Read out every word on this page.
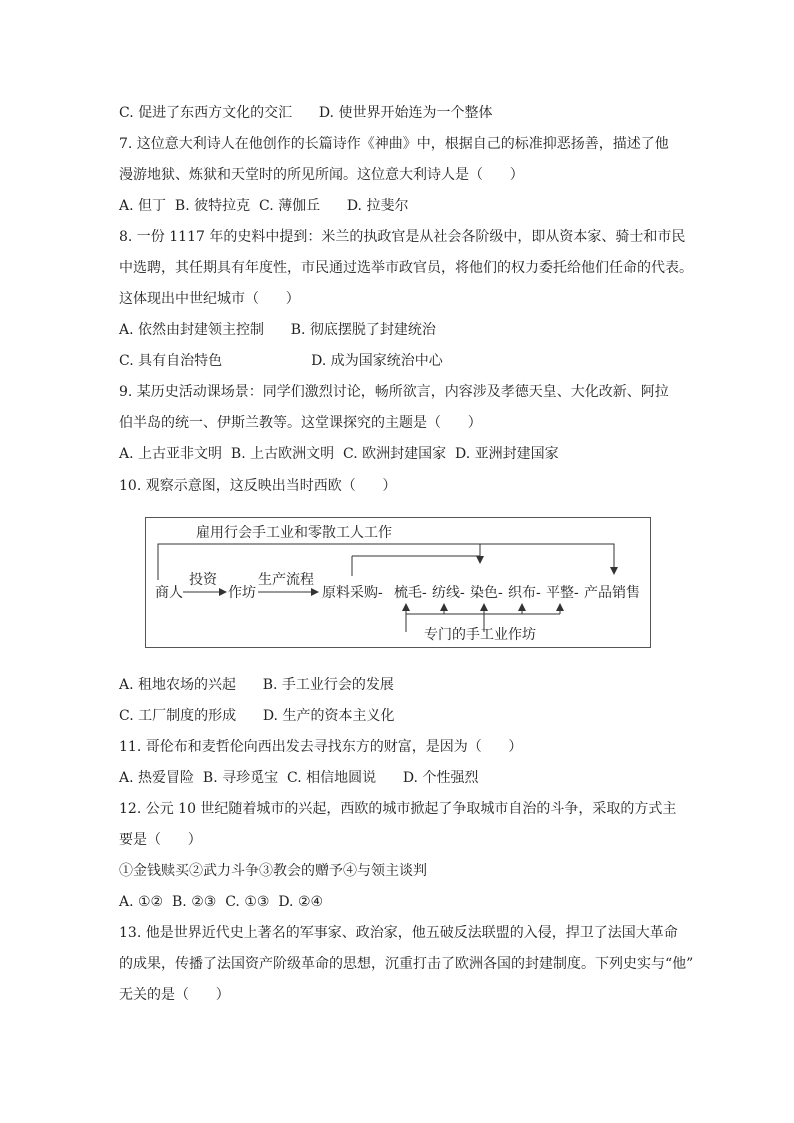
C. 促进了东西方文化的交汇      D. 使世界开始连为一个整体
7. 这位意大利诗人在他创作的长篇诗作《神曲》中，根据自己的标准抑恶扬善，描述了他
漫游地狱、炼狱和天堂时的所见所闻。这位意大利诗人是（      ）
A. 但丁  B. 彼特拉克  C. 薄伽丘      D. 拉斐尔
8. 一份 1117 年的史料中提到：米兰的执政官是从社会各阶级中，即从资本家、骑士和市民
中选聘，其任期具有年度性，市民通过选举市政官员，将他们的权力委托给他们任命的代表。
这体现出中世纪城市（      ）
A. 依然由封建领主控制      B. 彻底摆脱了封建统治
C. 具有自治特色                    D. 成为国家统治中心
9. 某历史活动课场景：同学们激烈讨论，畅所欲言，内容涉及孝德天皇、大化改新、阿拉
伯半岛的统一、伊斯兰教等。这堂课探究的主题是（      ）
A. 上古亚非文明  B. 上古欧洲文明  C. 欧洲封建国家  D. 亚洲封建国家
10. 观察示意图，这反映出当时西欧（      ）
雇用行会手工业和零散工人工作
商人
投资
作坊
生产流程
原料采购 - 梳毛 - 纺线 - 染色 - 织布 - 平整 - 产品销售
专门的手工业作坊
A. 租地农场的兴起      B. 手工业行会的发展
C. 工厂制度的形成      D. 生产的资本主义化
11. 哥伦布和麦哲伦向西出发去寻找东方的财富，是因为（      ）
A. 热爱冒险  B. 寻珍觅宝  C. 相信地圆说      D. 个性强烈
12. 公元 10 世纪随着城市的兴起，西欧的城市掀起了争取城市自治的斗争，采取的方式主
要是（      ）
①金钱赎买②武力斗争③教会的赠予④与领主谈判
A. ①②  B. ②③  C. ①③  D. ②④
13. 他是世界近代史上著名的军事家、政治家，他五破反法联盟的入侵，捍卫了法国大革命
的成果，传播了法国资产阶级革命的思想，沉重打击了欧洲各国的封建制度。下列史实与“他”
无关的是（      ）
